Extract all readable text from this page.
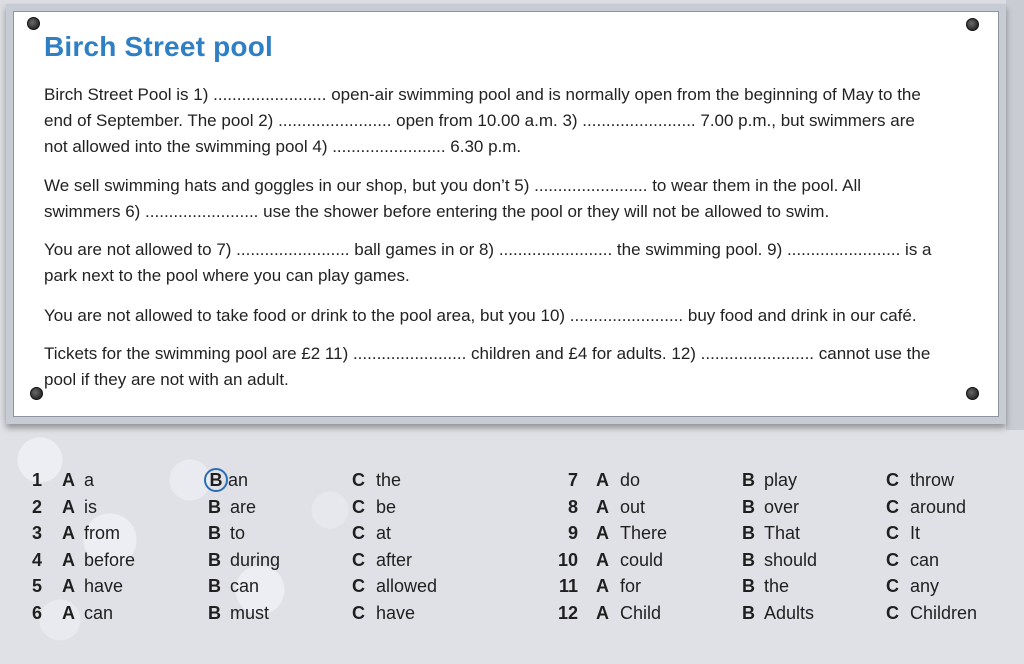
Birch Street pool
Birch Street Pool is 1) ........................ open-air swimming pool and is normally open from the beginning of May to the
end of September. The pool 2) ........................ open from 10.00 a.m. 3) ........................ 7.00 p.m., but swimmers are
not allowed into the swimming pool 4) ........................ 6.30 p.m.
We sell swimming hats and goggles in our shop, but you don’t 5) ........................ to wear them in the pool. All
swimmers 6) ........................ use the shower before entering the pool or they will not be allowed to swim.
You are not allowed to 7) ........................ ball games in or 8) ........................ the swimming pool. 9) ........................ is a
park next to the pool where you can play games.
You are not allowed to take food or drink to the pool area, but you 10) ........................ buy food and drink in our café.
Tickets for the swimming pool are £2 11) ........................ children and £4 for adults. 12) ........................ cannot use the
pool if they are not with an adult.
1 A a	B an	C the
2 A is	B are	C be
3 A from	B to	C at
4 A before	B during	C after
5 A have	B can	C allowed
6 A can	B must	C have
7 A do	B play	C throw
8 A out	B over	C around
9 A There	B That	C It
10 A could	B should	C can
11 A for	B the	C any
12 A Child	B Adults	C Children
